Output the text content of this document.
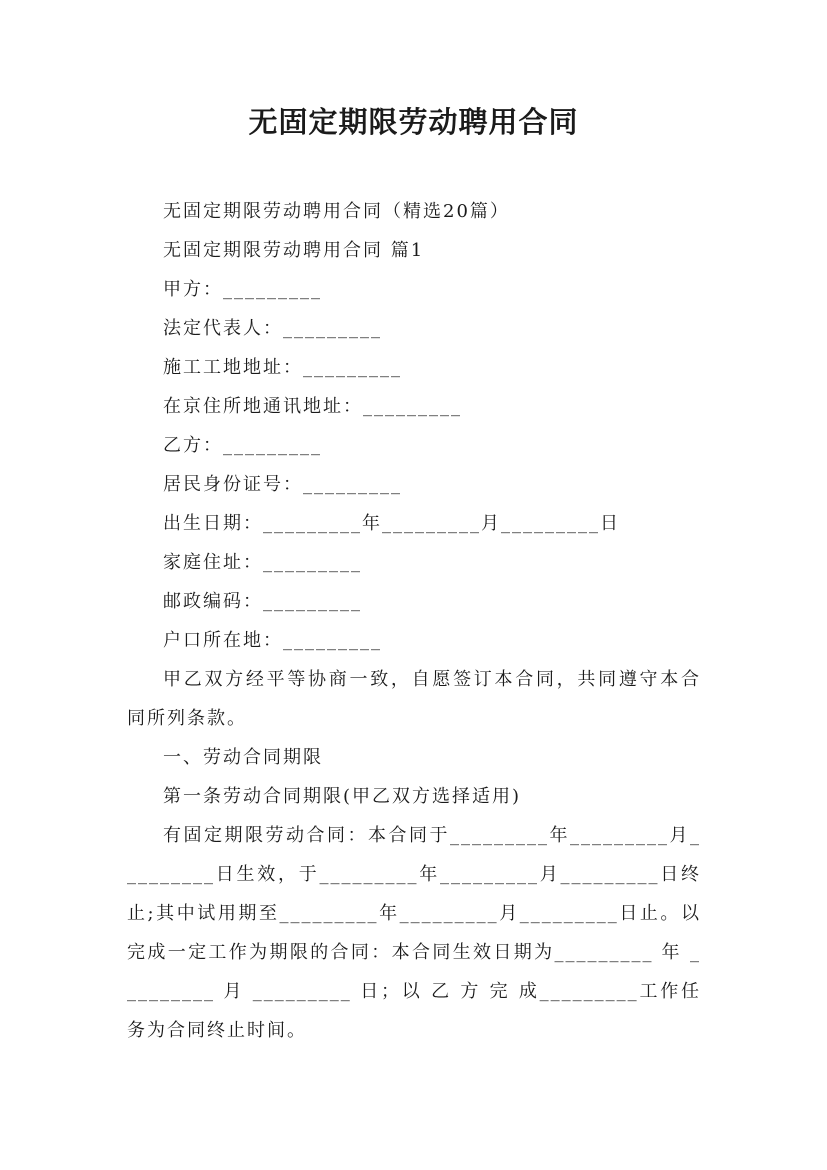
无固定期限劳动聘用合同

无固定期限劳动聘用合同（精选20篇）

无固定期限劳动聘用合同 篇1

甲方：_________

法定代表人：_________

施工工地地址：_________

在京住所地通讯地址：_________

乙方：_________

居民身份证号：_________

出生日期：_________年_________月_________日

家庭住址：_________

邮政编码：_________

户口所在地：_________

甲乙双方经平等协商一致，自愿签订本合同，共同遵守本合同所列条款。

一、劳动合同期限

第一条劳动合同期限(甲乙双方选择适用)

有固定期限劳动合同：本合同于_________年_________月_________日生效，于_________年_________月_________日终止;其中试用期至_________年_________月_________日止。以完成一定工作为期限的合同：本合同生效日期为_________ 年 _________ 月 _________ 日；以 乙 方 完 成_________工作任务为合同终止时间。
